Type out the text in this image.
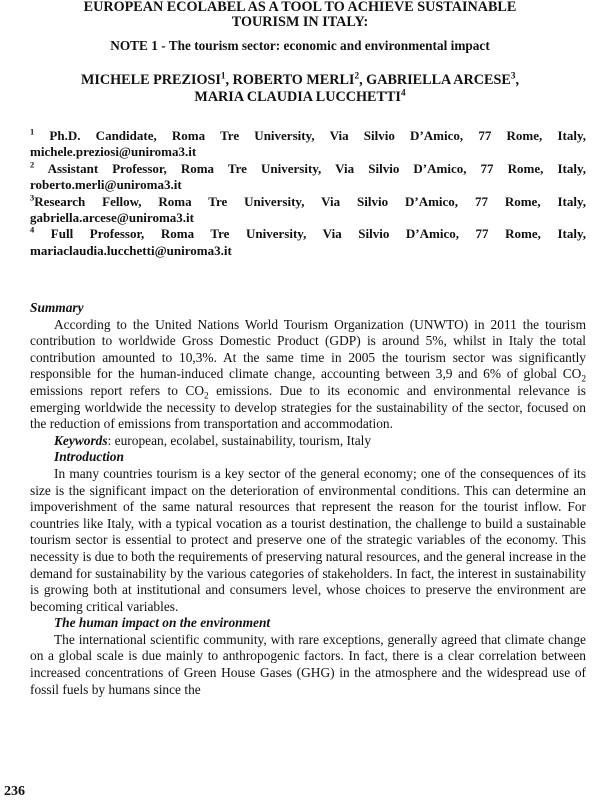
EUROPEAN ECOLABEL AS A TOOL TO ACHIEVE SUSTAINABLE
TOURISM IN ITALY:
NOTE 1 - The tourism sector: economic and environmental impact
MICHELE PREZIOSI$^1$, ROBERTO MERLI$^2$, GABRIELLA ARCESE$^3$,
MARIA CLAUDIA LUCCHETTI$^4$

$^1$ Ph.D. Candidate, Roma Tre University, Via Silvio D’Amico, 77 Rome, Italy, michele.preziosi@uniroma3.it

$^2$ Assistant Professor, Roma Tre University, Via Silvio D’Amico, 77 Rome, Italy, roberto.merli@uniroma3.it

$^3$Research Fellow, Roma Tre University, Via Silvio D’Amico, 77 Rome, Italy, gabriella.arcese@uniroma3.it

$^4$ Full Professor, Roma Tre University, Via Silvio D’Amico, 77 Rome, Italy, mariaclaudia.lucchetti@uniroma3.it

Summary

According to the United Nations World Tourism Organization (UNWTO) in 2011 the tourism contribution to worldwide Gross Domestic Product (GDP) is around 5%, whilst in Italy the total contribution amounted to 10,3%. At the same time in 2005 the tourism sector was significantly responsible for the human-induced climate change, accounting between 3,9 and 6% of global $CO_2$ emissions report refers to $CO_2$ emissions. Due to its economic and environmental relevance is emerging worldwide the necessity to develop strategies for the sustainability of the sector, focused on the reduction of emissions from transportation and accommodation.

Keywords: european, ecolabel, sustainability, tourism, Italy

Introduction

In many countries tourism is a key sector of the general economy; one of the consequences of its size is the significant impact on the deterioration of environmental conditions. This can determine an impoverishment of the same natural resources that represent the reason for the tourist inflow. For countries like Italy, with a typical vocation as a tourist destination, the challenge to build a sustainable tourism sector is essential to protect and preserve one of the strategic variables of the economy. This necessity is due to both the requirements of preserving natural resources, and the general increase in the demand for sustainability by the various categories of stakeholders. In fact, the interest in sustainability is growing both at institutional and consumers level, whose choices to preserve the environment are becoming critical variables.

The human impact on the environment

The international scientific community, with rare exceptions, generally agreed that climate change on a global scale is due mainly to anthropogenic factors. In fact, there is a clear correlation between increased concentrations of Green House Gases (GHG) in the atmosphere and the widespread use of fossil fuels by humans since the

236
